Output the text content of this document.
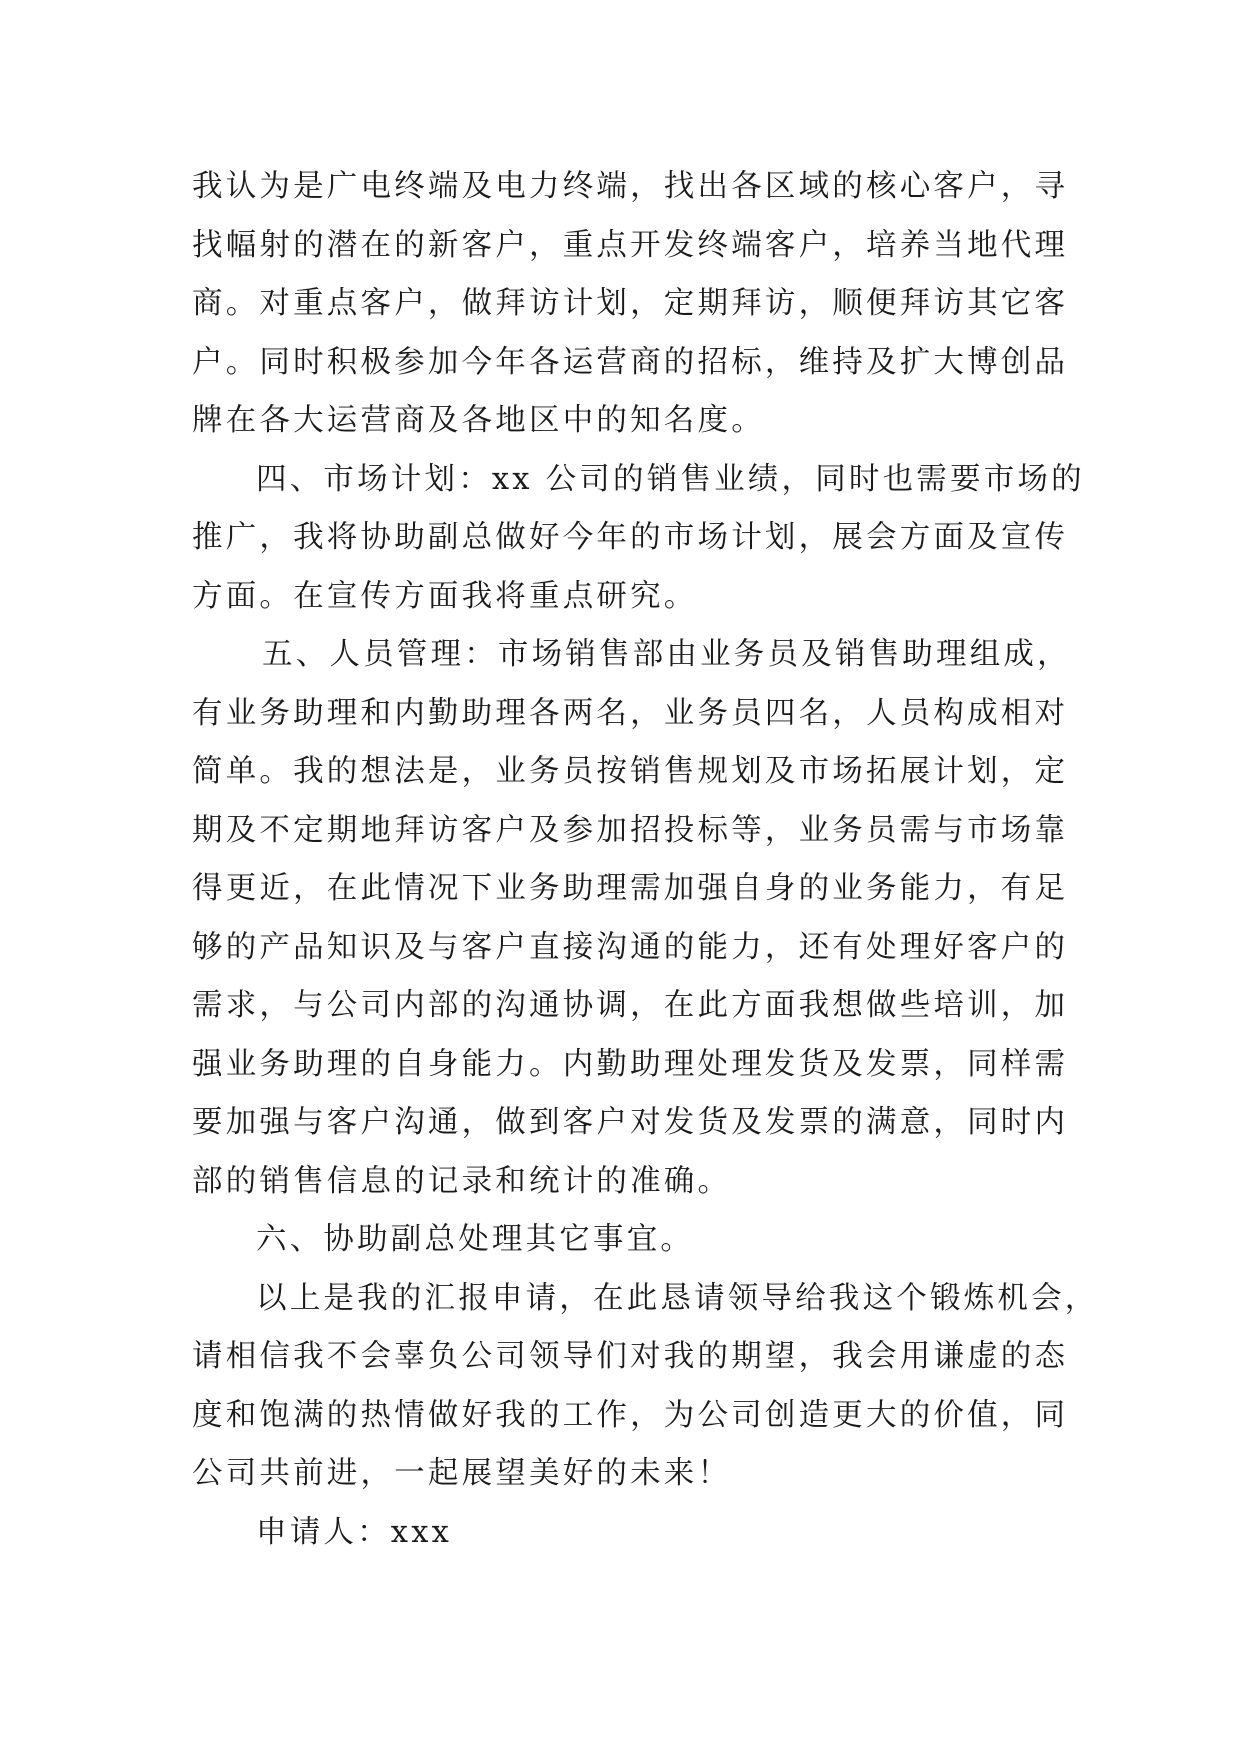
我认为是广电终端及电力终端，找出各区域的核心客户，寻
找幅射的潜在的新客户，重点开发终端客户，培养当地代理
商。对重点客户，做拜访计划，定期拜访，顺便拜访其它客
户。同时积极参加今年各运营商的招标，维持及扩大博创品
牌在各大运营商及各地区中的知名度。
四、市场计划：xx 公司的销售业绩，同时也需要市场的
推广，我将协助副总做好今年的市场计划，展会方面及宣传
方面。在宣传方面我将重点研究。
五、人员管理：市场销售部由业务员及销售助理组成，
有业务助理和内勤助理各两名，业务员四名，人员构成相对
简单。我的想法是，业务员按销售规划及市场拓展计划，定
期及不定期地拜访客户及参加招投标等，业务员需与市场靠
得更近，在此情况下业务助理需加强自身的业务能力，有足
够的产品知识及与客户直接沟通的能力，还有处理好客户的
需求，与公司内部的沟通协调，在此方面我想做些培训，加
强业务助理的自身能力。内勤助理处理发货及发票，同样需
要加强与客户沟通，做到客户对发货及发票的满意，同时内
部的销售信息的记录和统计的准确。
六、协助副总处理其它事宜。
以上是我的汇报申请，在此恳请领导给我这个锻炼机会，
请相信我不会辜负公司领导们对我的期望，我会用谦虚的态
度和饱满的热情做好我的工作，为公司创造更大的价值，同
公司共前进，一起展望美好的未来！
申请人：xxx
